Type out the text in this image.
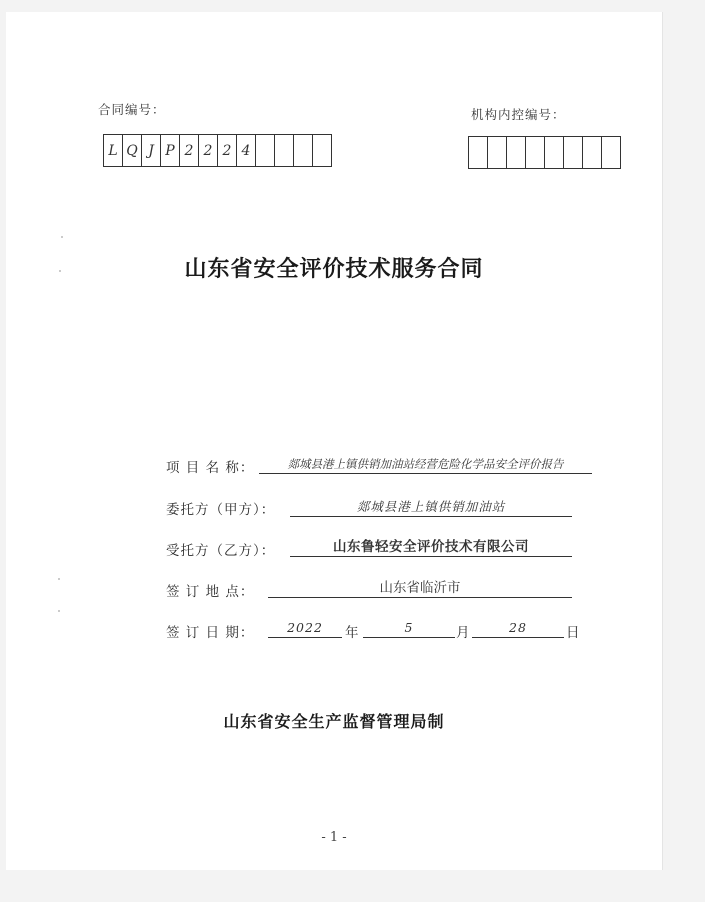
合同编号：	机构内控编号：
L Q J P 2 2 2 4
山东省安全评价技术服务合同
项 目 名 称：	郯城县港上镇供销加油站经营危险化学品安全评价报告
委托方（甲方）：	郯城县港上镇供销加油站
受托方（乙方）：	山东鲁轻安全评价技术有限公司
签 订 地 点：	山东省临沂市
签 订 日 期：	2022	年	5	月	28	日
山东省安全生产监督管理局制
- 1 -
